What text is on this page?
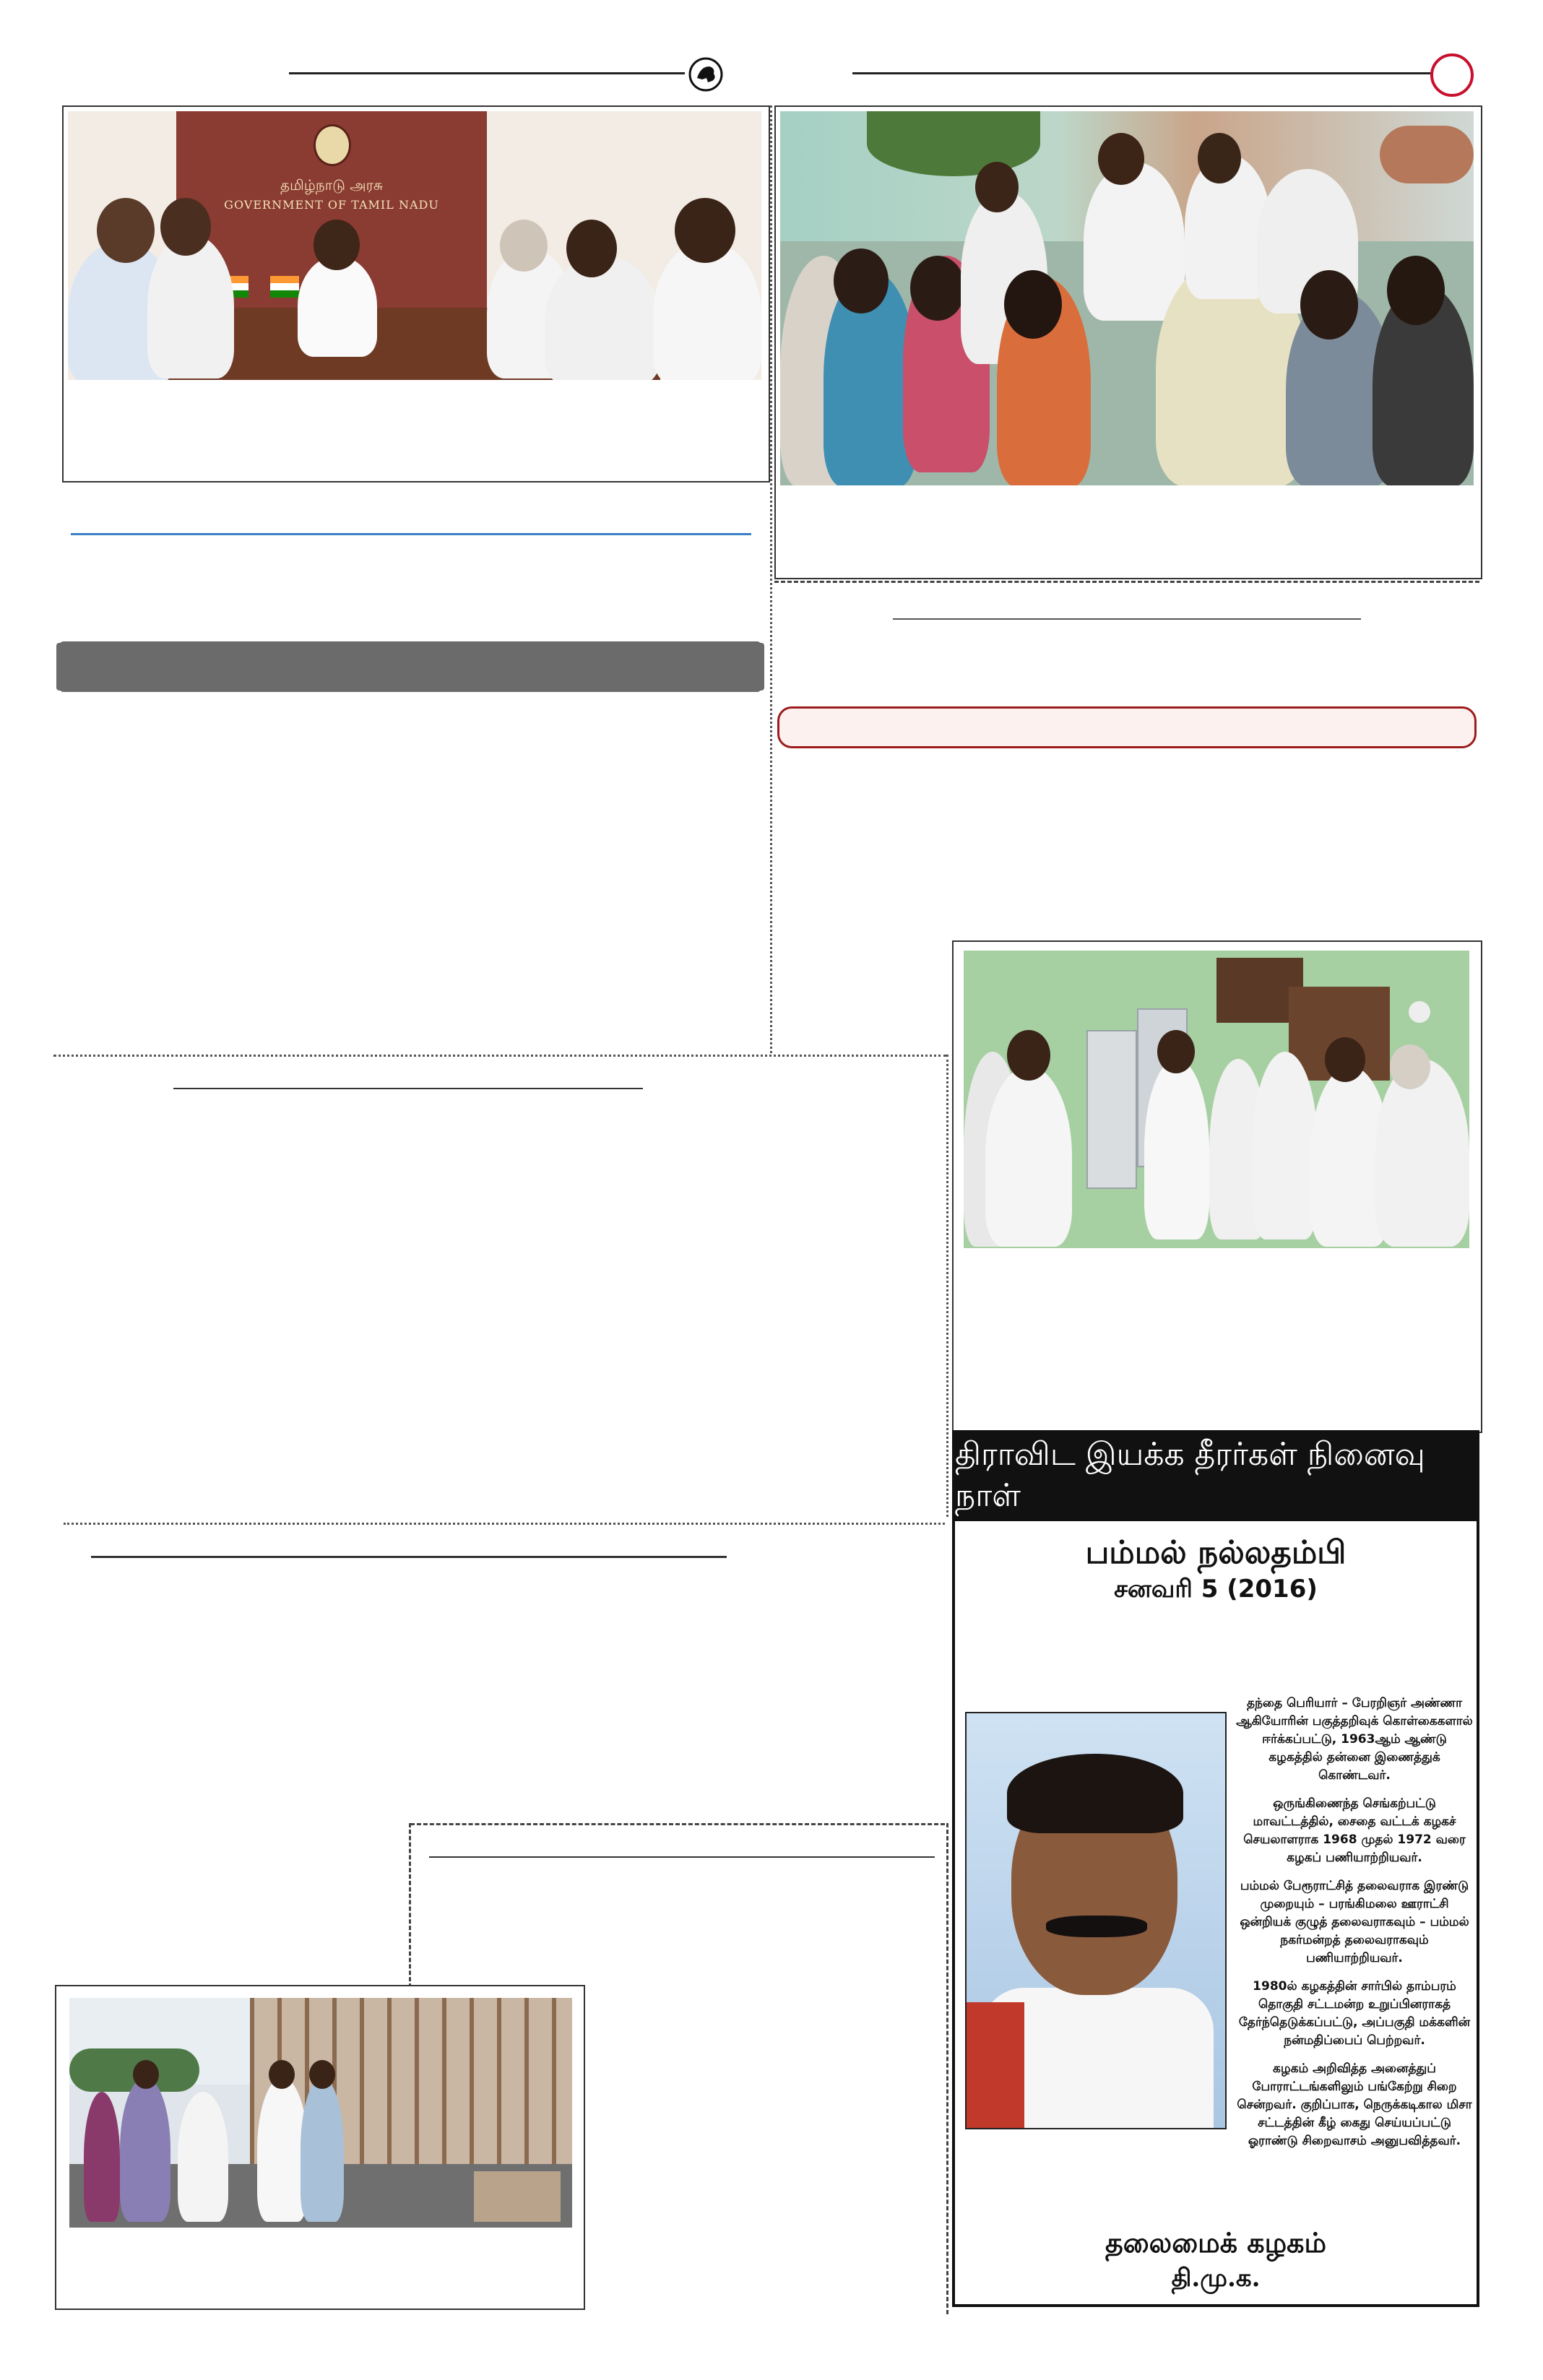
தமிழ்நாடு அரசு
GOVERNMENT OF TAMIL NADU
திராவிட இயக்க தீரர்கள் நினைவு நாள்
பம்மல் நல்லதம்பி
சனவரி 5 (2016)

தந்தை பெரியார் – பேரறிஞர் அண்ணா ஆகியோரின் பகுத்தறிவுக் கொள்கைகளால் ஈர்க்கப்பட்டு, 1963ஆம் ஆண்டு கழகத்தில் தன்னை இணைத்துக் கொண்டவர்.

ஒருங்கிணைந்த செங்கற்பட்டு மாவட்டத்தில், சைதை வட்டக் கழகச் செயலாளராக 1968 முதல் 1972 வரை கழகப் பணியாற்றியவர்.

பம்மல் பேரூராட்சித் தலைவராக இரண்டு முறையும் – பரங்கிமலை ஊராட்சி ஒன்றியக் குழுத் தலைவராகவும் – பம்மல் நகர்மன்றத் தலைவராகவும் பணியாற்றியவர்.

1980ல் கழகத்தின் சார்பில் தாம்பரம் தொகுதி சட்டமன்ற உறுப்பினராகத் தேர்ந்தெடுக்கப்பட்டு, அப்பகுதி மக்களின் நன்மதிப்பைப் பெற்றவர்.

கழகம் அறிவித்த அனைத்துப் போராட்டங்களிலும் பங்கேற்று சிறை சென்றவர். குறிப்பாக, நெருக்கடிகால மிசா சட்டத்தின் கீழ் கைது செய்யப்பட்டு ஓராண்டு சிறைவாசம் அனுபவித்தவர்.

தலைமைக் கழகம்
தி.மு.க.
